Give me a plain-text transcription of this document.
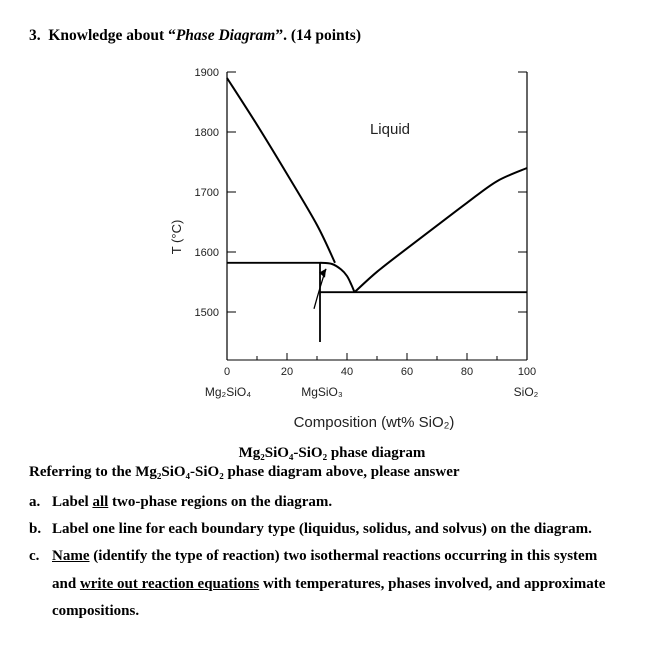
3. Knowledge about “Phase Diagram”. (14 points)
T (°C)
1900
1800
1700
1600
1500
0	20	40	60	80	100
Liquid
Mg₂SiO₄	MgSiO₃	SiO₂
Composition (wt% SiO₂)
Mg₂SiO₄-SiO₂ phase diagram
Referring to the Mg₂SiO₄-SiO₂ phase diagram above, please answer
a. Label all two-phase regions on the diagram.
b. Label one line for each boundary type (liquidus, solidus, and solvus) on the diagram.
c. Name (identify the type of reaction) two isothermal reactions occurring in this system
and write out reaction equations with temperatures, phases involved, and approximate
compositions.
